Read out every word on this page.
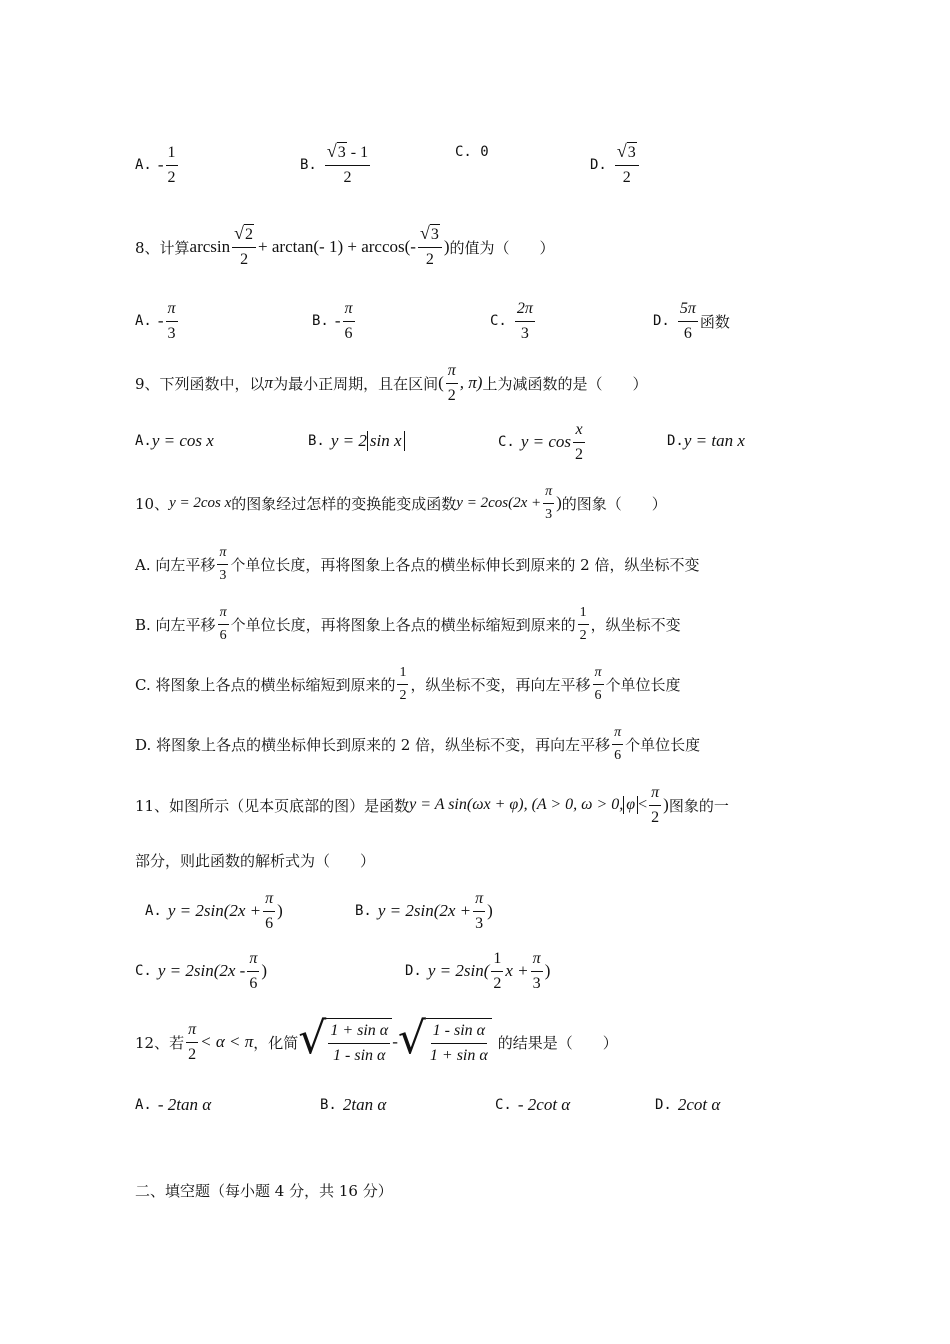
A. - $\frac{1}{2}$	B. $\frac{√ 3 - 1}{2}$	C. 0
D. $\frac{√ 3}{2}$
8、计算 $\arcsin \frac{√ 2}{2} + \arctan(-$ $1) + \arccos(- \frac{√ 3}{2}$ ) 的值为（　　）
A. - $\frac{\pi}{3}$	B. - $\frac{\pi}{6}$	C. $\frac{2\pi}{3}$	D. $\frac{5\pi}{6}$ 函数
9、下列函数中，以 π 为最小正周期，且在区间 ( $\frac{\pi}{2}$ , π) 上为减函数的是（　　）
A. y = cos x	B. y = 2 sin x	C. $y = \cos \frac{x}{2}$	D. y = tan x
10、 y = 2cos x 的图象经过怎样的变换能变成函数 $y = 2\cos(2x + \frac{\pi}{3}$ ) 的图象（　　）
A. 向左平移 $\frac{\pi}{3}$ 个单位长度，再将图象上各点的横坐标伸长到原来的 2 倍，纵坐标不变
B. 向左平移 $\frac{\pi}{6}$ 个单位长度，再将图象上各点的横坐标缩短到原来的 $\frac{1}{2}$ ，纵坐标不变
C. 将图象上各点的横坐标缩短到原来的 $\frac{1}{2}$ ，纵坐标不变，再向左平移 $\frac{\pi}{6}$ 个单位长度
D. 将图象上各点的横坐标伸长到原来的 2 倍，纵坐标不变，再向左平移 $\frac{\pi}{6}$ 个单位长度
11、如图所示（见本页底部的图）是函数 y = A sin(ωx + φ), (A > 0, ω > 0, $\varphi < \frac{\pi}{2}$ ) 图象的一
部分，则此函数的解析式为（　　）
A. $y = 2\sin(2x + \frac{\pi}{6}$ )	B. $y = 2\sin(2x + \frac{\pi}{3}$ )
C. $y = 2\sin(2x - \frac{\pi}{6}$ )	D. $y = 2\sin( \frac{1}{2}$ $x + \frac{\pi}{3}$ )
12、若 $\frac{\pi}{2} < \alpha < \pi$ ，化简 √ $\frac{\text{1 + sin α}}{\text{1 - sin α}}$ - √ $\frac{\text{1 - sin α}}{\text{1 + sin α}}$ 的结果是（　　）
A. - 2tan α	B. 2tan α	C. - 2cot α	D. 2cot α
二、填空题（每小题 4 分，共 16 分）
